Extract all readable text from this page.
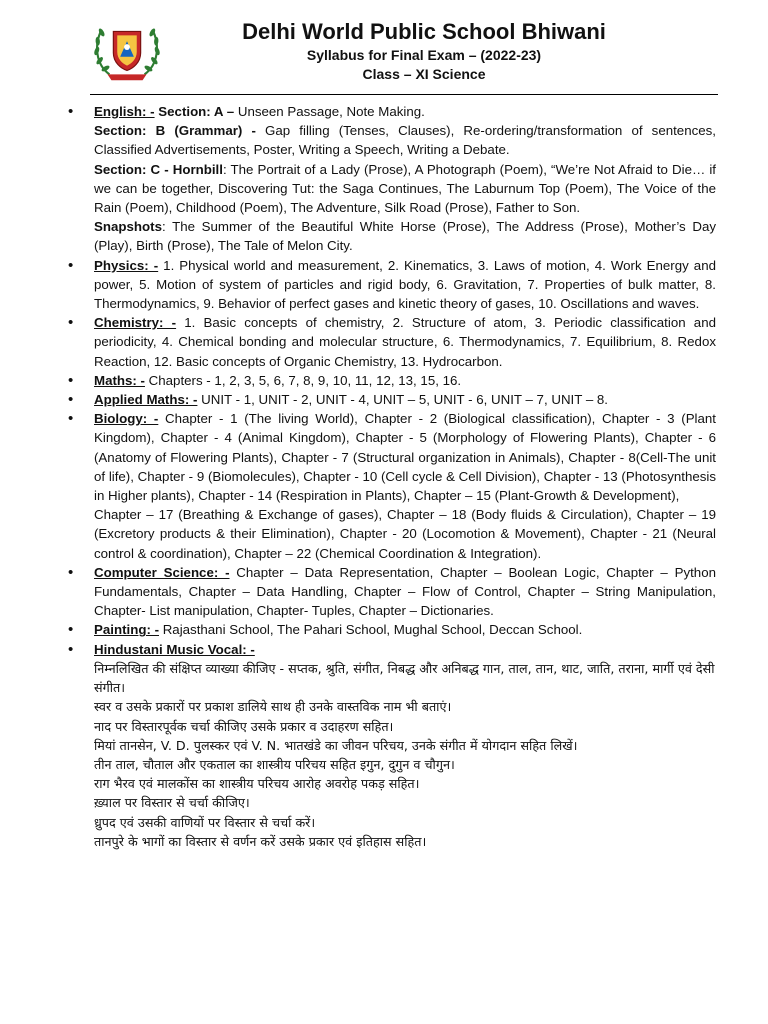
Delhi World Public School Bhiwani
Syllabus for Final Exam – (2022-23)
Class – XI Science

• English: - Section: A – Unseen Passage, Note Making.

Section: B (Grammar) - Gap filling (Tenses, Clauses), Re-ordering/transformation of sentences, Classified Advertisements, Poster, Writing a Speech, Writing a Debate.

Section: C - Hornbill: The Portrait of a Lady (Prose), A Photograph (Poem), “We’re Not Afraid to Die… if we can be together, Discovering Tut: the Saga Continues, The Laburnum Top (Poem), The Voice of the Rain (Poem), Childhood (Poem), The Adventure, Silk Road (Prose), Father to Son.

Snapshots: The Summer of the Beautiful White Horse (Prose), The Address (Prose), Mother’s Day (Play), Birth (Prose), The Tale of Melon City.

• Physics: - 1. Physical world and measurement, 2. Kinematics, 3. Laws of motion, 4. Work Energy and power, 5. Motion of system of particles and rigid body, 6. Gravitation, 7. Properties of bulk matter, 8. Thermodynamics, 9. Behavior of perfect gases and kinetic theory of gases, 10. Oscillations and waves.

• Chemistry: - 1. Basic concepts of chemistry, 2. Structure of atom, 3. Periodic classification and periodicity, 4. Chemical bonding and molecular structure, 6. Thermodynamics, 7. Equilibrium, 8. Redox Reaction, 12. Basic concepts of Organic Chemistry, 13. Hydrocarbon.

• Maths: - Chapters - 1, 2, 3, 5, 6, 7, 8, 9, 10, 11, 12, 13, 15, 16.

• Applied Maths: - UNIT - 1, UNIT - 2, UNIT - 4, UNIT – 5, UNIT - 6, UNIT – 7, UNIT – 8.

• Biology: - Chapter - 1 (The living World), Chapter - 2 (Biological classification), Chapter - 3 (Plant Kingdom), Chapter - 4 (Animal Kingdom), Chapter - 5 (Morphology of Flowering Plants), Chapter - 6 (Anatomy of Flowering Plants), Chapter - 7 (Structural organization in Animals), Chapter - 8(Cell-The unit of life), Chapter - 9 (Biomolecules), Chapter - 10 (Cell cycle & Cell Division), Chapter - 13 (Photosynthesis in Higher plants), Chapter - 14 (Respiration in Plants), Chapter – 15 (Plant-Growth & Development),

Chapter – 17 (Breathing & Exchange of gases), Chapter – 18 (Body fluids & Circulation), Chapter – 19 (Excretory products & their Elimination), Chapter - 20 (Locomotion & Movement), Chapter - 21 (Neural control & coordination), Chapter – 22 (Chemical Coordination & Integration).

• Computer Science: - Chapter – Data Representation, Chapter – Boolean Logic, Chapter – Python Fundamentals, Chapter – Data Handling, Chapter – Flow of Control, Chapter – String Manipulation, Chapter- List manipulation, Chapter- Tuples, Chapter – Dictionaries.

• Painting: - Rajasthani School, The Pahari School, Mughal School, Deccan School.

• Hindustani Music Vocal: -

निम्नलिखित की संक्षिप्त व्याख्या कीजिए - सप्तक, श्रुति, संगीत, निबद्ध और अनिबद्ध गान, ताल, तान, थाट, जाति, तराना, मार्गी एवं देसी संगीत।

स्वर व उसके प्रकारों पर प्रकाश डालिये साथ ही उनके वास्तविक नाम भी बताएं।

नाद पर विस्तारपूर्वक चर्चा कीजिए उसके प्रकार व उदाहरण सहित।

मियां तानसेन, V. D. पुलस्कर एवं V. N. भातखंडे का जीवन परिचय, उनके संगीत में योगदान सहित लिखें।

तीन ताल, चौताल और एकताल का शास्त्रीय परिचय सहित इगुन, दुगुन व चौगुन।

राग भैरव एवं मालकोंस का शास्त्रीय परिचय आरोह अवरोह पकड़ सहित।

ख़्याल पर विस्तार से चर्चा कीजिए।

ध्रुपद एवं उसकी वाणियों पर विस्तार से चर्चा करें।

तानपुरे के भागों का विस्तार से वर्णन करें उसके प्रकार एवं इतिहास सहित।
